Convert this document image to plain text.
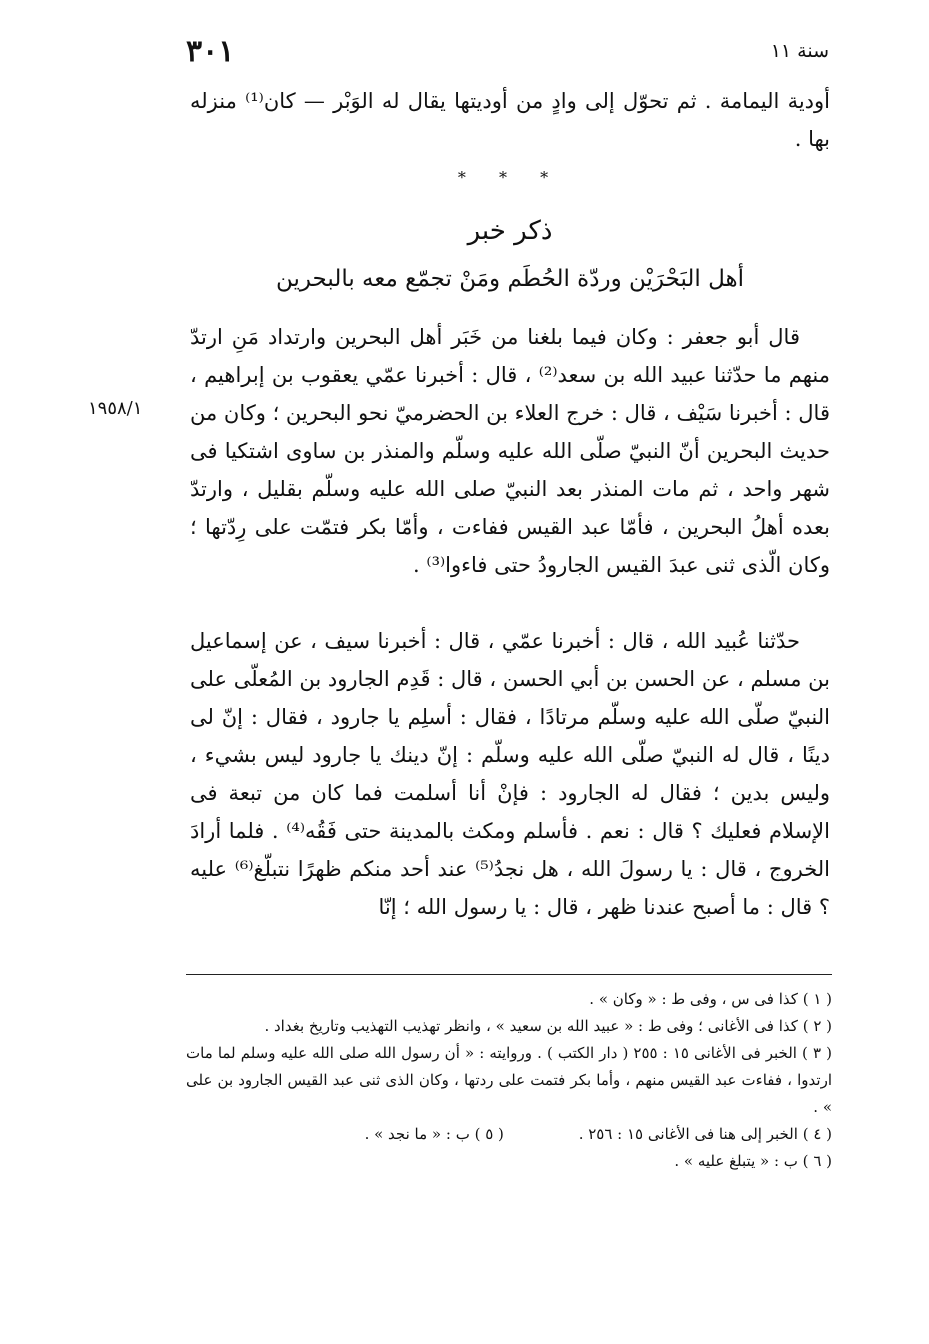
٣٠١	سنة ١١
أودية اليمامة . ثم تحوّل إلى وادٍ من أوديتها يقال له الوَبْر — كان⁽¹⁾ منزله بها .
* * *
ذكر خبر
أهل البَحْرَيْن وردّة الحُطَم ومَنْ تجمّع معه بالبحرين
١٩٥٨/١
قال أبو جعفر : وكان فيما بلغنا من خَبَر أهل البحرين وارتداد مَنِ ارتدّ منهم ما حدّثنا عبيد الله بن سعد⁽²⁾ ، قال : أخبرنا عمّي يعقوب بن إبراهيم ، قال : أخبرنا سَيْف ، قال : خرج العلاء بن الحضرميّ نحو البحرين ؛ وكان من حديث البحرين أنّ النبيّ صلّى الله عليه وسلّم والمنذر بن ساوى اشتكيا فى شهر واحد ، ثم مات المنذر بعد النبيّ صلى الله عليه وسلّم بقليل ، وارتدّ بعده أهلُ البحرين ، فأمّا عبد القيس ففاءت ، وأمّا بكر فتمّت على رِدّتها ؛ وكان الّذى ثنى عبدَ القيس الجارودُ حتى فاءوا⁽³⁾ .
حدّثنا عُبيد الله ، قال : أخبرنا عمّي ، قال : أخبرنا سيف ، عن إسماعيل بن مسلم ، عن الحسن بن أبي الحسن ، قال : قَدِم الجارود بن المُعلّى على النبيّ صلّى الله عليه وسلّم مرتادًا ، فقال : أسلِم يا جارود ، فقال : إنّ لى دينًا ، قال له النبيّ صلّى الله عليه وسلّم : إنّ دينك يا جارود ليس بشيء ، وليس بدين ؛ فقال له الجارود : فإنْ أنا أسلمت فما كان من تبعة فى الإسلام فعليك ؟ قال : نعم . فأسلم ومكث بالمدينة حتى فَقُه⁽⁴⁾ . فلما أرادَ الخروج ، قال : يا رسولَ الله ، هل نجدُ⁽⁵⁾ عند أحد منكم ظهرًا نتبلّغ⁽⁶⁾ عليه ؟ قال : ما أصبح عندنا ظهر ، قال : يا رسول الله ؛ إنّا
( ١ ) كذا فى س ، وفى ط : « وكان » .
( ٢ ) كذا فى الأغانى ؛ وفى ط : « عبيد الله بن سعيد » ، وانظر تهذيب التهذيب وتاريخ بغداد .
( ٣ ) الخبر فى الأغانى ١٥ : ٢٥٥ ( دار الكتب ) . وروايته : « أن رسول الله صلى الله عليه وسلم لما مات ارتدوا ، ففاءت عبد القيس منهم ، وأما بكر فتمت على ردتها ، وكان الذى ثنى عبد القيس الجارود بن على » .
( ٤ ) الخبر إلى هنا فى الأغانى ١٥ : ٢٥٦ . ( ٥ ) ب : « ما نجد » .
( ٦ ) ب : « يتبلغ عليه » .
